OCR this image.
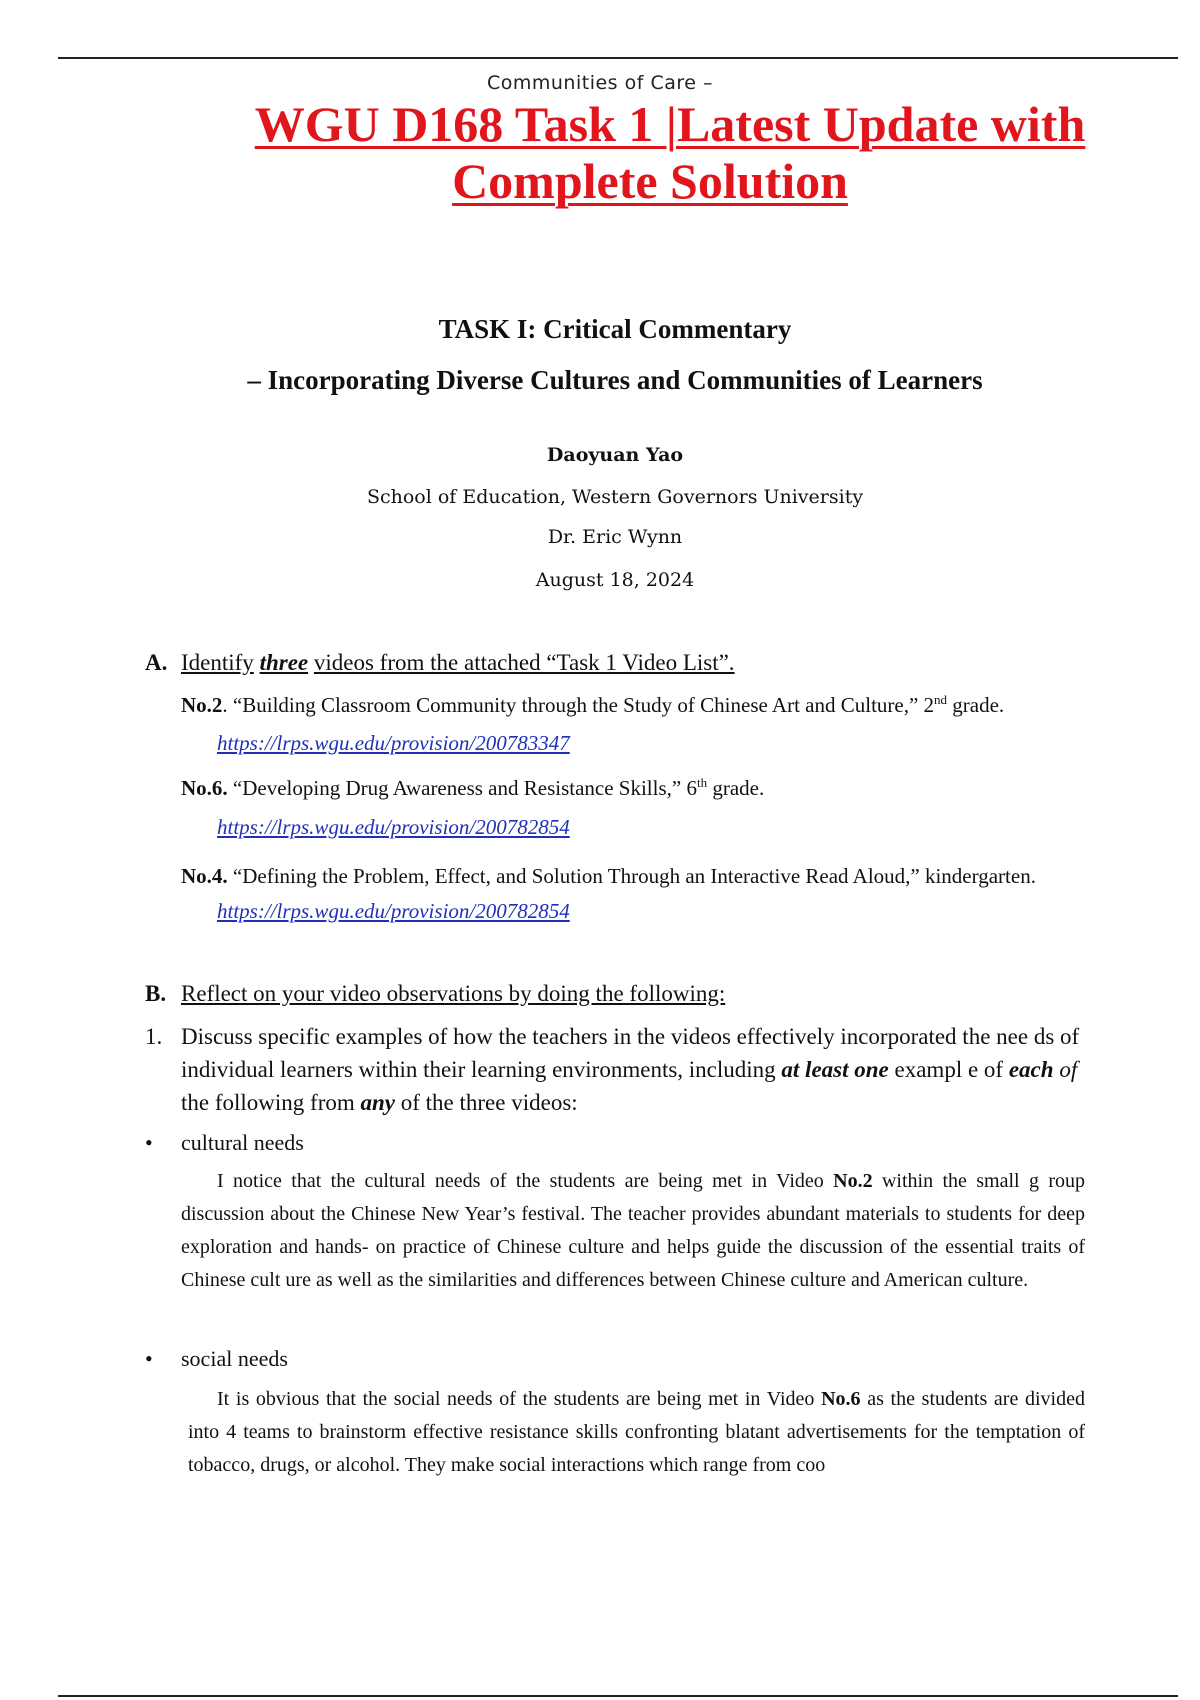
Communities of Care –
WGU D168 Task 1 |Latest Update with
Complete Solution
TASK I: Critical Commentary
– Incorporating Diverse Cultures and Communities of Learners
Daoyuan Yao
School of Education, Western Governors University
Dr. Eric Wynn
August 18, 2024
A. Identify three videos from the attached “Task 1 Video List”.
No.2. “Building Classroom Community through the Study of Chinese Art and Culture,” 2nd grade.
https://lrps.wgu.edu/provision/200783347
No.6. “Developing Drug Awareness and Resistance Skills,” 6th grade.
https://lrps.wgu.edu/provision/200782854
No.4. “Defining the Problem, Effect, and Solution Through an Interactive Read Aloud,” kindergarten.
https://lrps.wgu.edu/provision/200782854
B. Reflect on your video observations by doing the following:
1. Discuss specific examples of how the teachers in the videos effectively incorporated the nee ds of individual learners within their learning environments, including at least one exampl e of each of the following from any of the three videos:
• cultural needs
I notice that the cultural needs of the students are being met in Video No.2 within the small g roup discussion about the Chinese New Year’s festival. The teacher provides abundant materials to students for deep exploration and hands- on practice of Chinese culture and helps guide the discussion of the essential traits of Chinese cult ure as well as the similarities and differences between Chinese culture and American culture.
• social needs
It is obvious that the social needs of the students are being met in Video No.6 as the students are divided into 4 teams to brainstorm effective resistance skills confronting blatant advertisements for the temptation of tobacco, drugs, or alcohol. They make social interactions which range from coo
